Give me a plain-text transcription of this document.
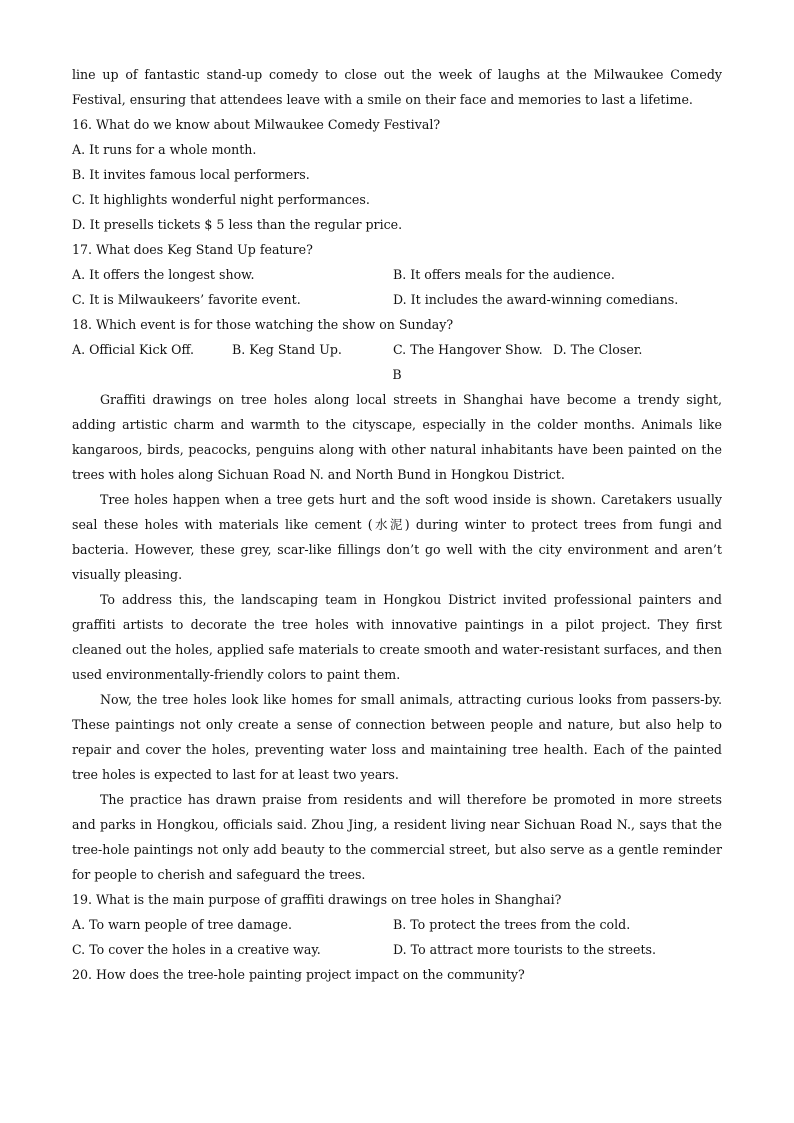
line up of fantastic stand-up comedy to close out the week of laughs at the Milwaukee Comedy Festival, ensuring that attendees leave with a smile on their face and memories to last a lifetime.

16. What do we know about Milwaukee Comedy Festival?
A. It runs for a whole month.
B. It invites famous local performers.
C. It highlights wonderful night performances.
D. It presells tickets $ 5 less than the regular price.
17. What does Keg Stand Up feature?
A. It offers the longest show.	B. It offers meals for the audience.
C. It is Milwaukeers’ favorite event.	D. It includes the award-winning comedians.
18. Which event is for those watching the show on Sunday?
A. Official Kick Off.	B. Keg Stand Up.	C. The Hangover Show. D. The Closer.
B

Graffiti drawings on tree holes along local streets in Shanghai have become a trendy sight, adding artistic charm and warmth to the cityscape, especially in the colder months. Animals like kangaroos, birds, peacocks, penguins along with other natural inhabitants have been painted on the trees with holes along Sichuan Road N. and North Bund in Hongkou District.

Tree holes happen when a tree gets hurt and the soft wood inside is shown. Caretakers usually seal these holes with materials like cement (水泥) during winter to protect trees from fungi and bacteria. However, these grey, scar-like fillings don’t go well with the city environment and aren’t visually pleasing.

To address this, the landscaping team in Hongkou District invited professional painters and graffiti artists to decorate the tree holes with innovative paintings in a pilot project. They first cleaned out the holes, applied safe materials to create smooth and water-resistant surfaces, and then used environmentally-friendly colors to paint them.

Now, the tree holes look like homes for small animals, attracting curious looks from passers-by. These paintings not only create a sense of connection between people and nature, but also help to repair and cover the holes, preventing water loss and maintaining tree health. Each of the painted tree holes is expected to last for at least two years.

The practice has drawn praise from residents and will therefore be promoted in more streets and parks in Hongkou, officials said. Zhou Jing, a resident living near Sichuan Road N., says that the tree-hole paintings not only add beauty to the commercial street, but also serve as a gentle reminder for people to cherish and safeguard the trees.

19. What is the main purpose of graffiti drawings on tree holes in Shanghai?
A. To warn people of tree damage.	B. To protect the trees from the cold.
C. To cover the holes in a creative way.	D. To attract more tourists to the streets.
20. How does the tree-hole painting project impact on the community?
